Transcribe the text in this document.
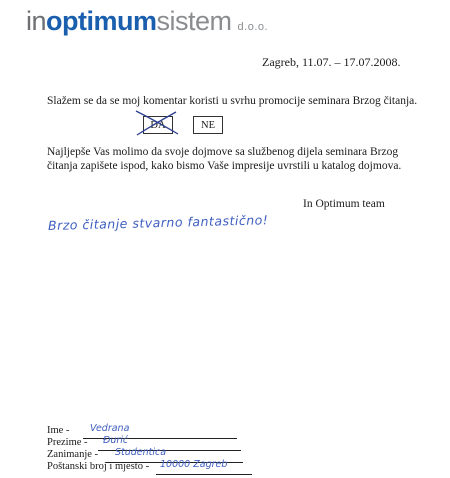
inoptimumsistem d.o.o.
Zagreb, 11.07. – 17.07.2008.
Slažem se da se moj komentar koristi u svrhu promocije seminara Brzog čitanja.
DA	NE
Najljepše Vas molimo da svoje dojmove sa službenog dijela seminara Brzog čitanja zapišete ispod, kako bismo Vaše impresije uvrstili u katalog dojmova.
In Optimum team
Brzo čitanje stvarno fantastično!
Ime - Vedrana
Prezime - Đurić
Zanimanje - Studentica
Poštanski broj i mjesto - 10000 Zagreb
